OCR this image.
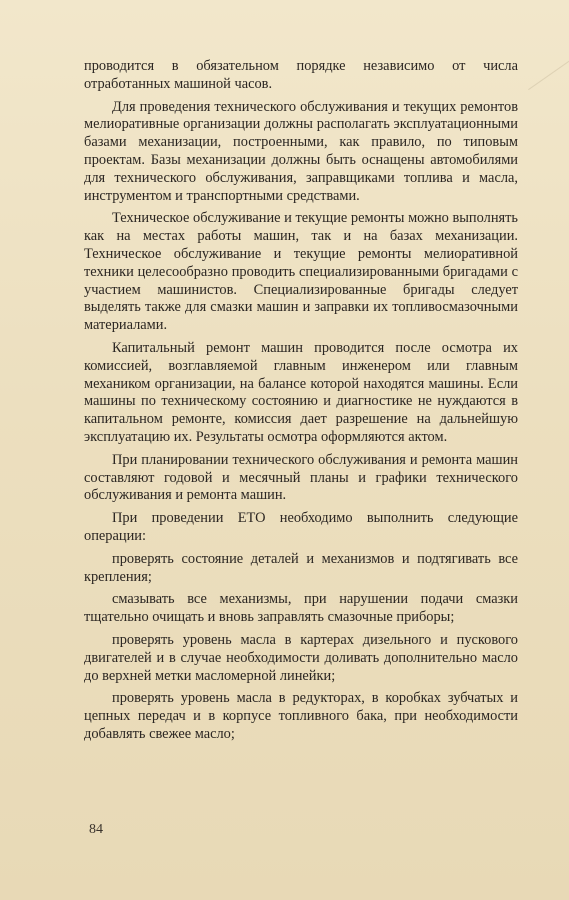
проводится в обязательном порядке независимо от числа отработанных машиной часов.

Для проведения технического обслуживания и текущих ремонтов мелиоративные организации должны располагать эксплуатационными базами механизации, построенными, как правило, по типовым проектам. Базы механизации должны быть оснащены автомобилями для технического обслуживания, заправщиками топлива и масла, инструментом и транспортными средствами.

Техническое обслуживание и текущие ремонты можно выполнять как на местах работы машин, так и на базах механизации. Техническое обслуживание и текущие ремонты мелиоративной техники целесообразно проводить специализированными бригадами с участием машинистов. Специализированные бригады следует выделять также для смазки машин и заправки их топливосмазочными материалами.

Капитальный ремонт машин проводится после осмотра их комиссией, возглавляемой главным инженером или главным механиком организации, на балансе которой находятся машины. Если машины по техническому состоянию и диагностике не нуждаются в капитальном ремонте, комиссия дает разрешение на дальнейшую эксплуатацию их. Результаты осмотра оформляются актом.

При планировании технического обслуживания и ремонта машин составляют годовой и месячный планы и графики технического обслуживания и ремонта машин.

При проведении ЕТО необходимо выполнить следующие операции:

проверять состояние деталей и механизмов и подтягивать все крепления;

смазывать все механизмы, при нарушении подачи смазки тщательно очищать и вновь заправлять смазочные приборы;

проверять уровень масла в картерах дизельного и пускового двигателей и в случае необходимости доливать дополнительно масло до верхней метки масломерной линейки;

проверять уровень масла в редукторах, в коробках зубчатых и цепных передач и в корпусе топливного бака, при необходимости добавлять свежее масло;

84
